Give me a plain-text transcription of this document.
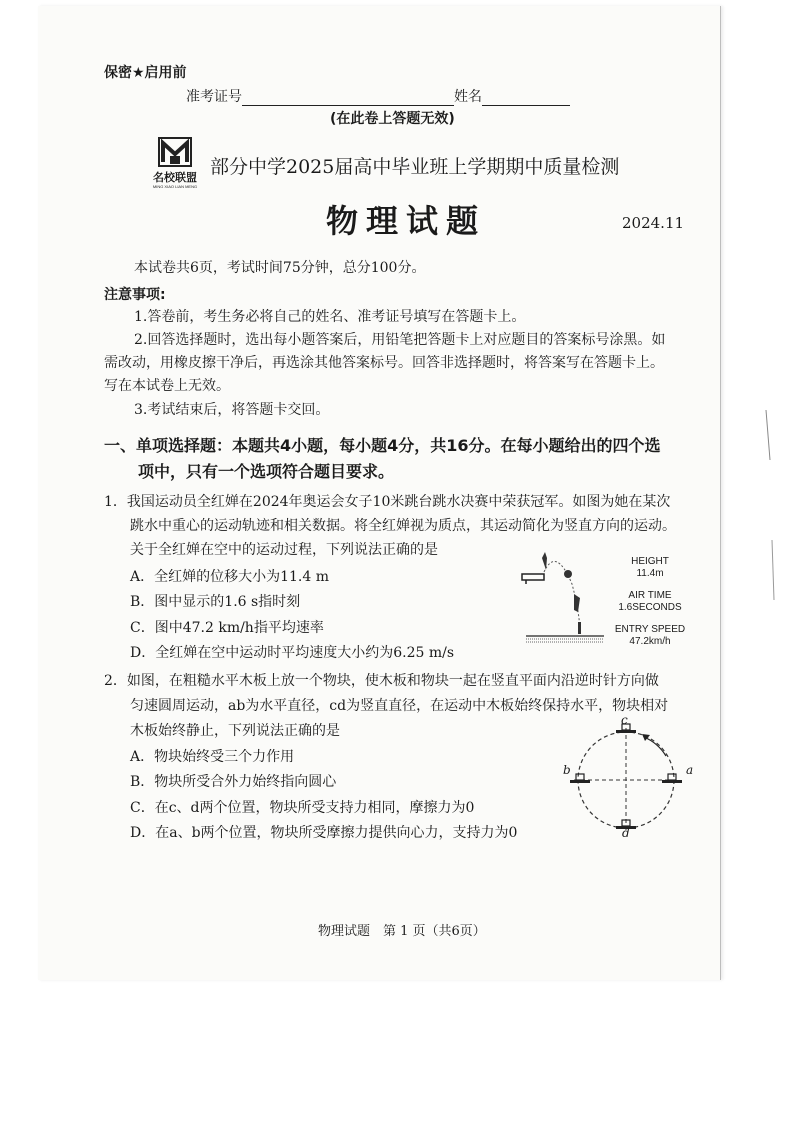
保密★启用前
准考证号	姓名
(在此卷上答题无效)
名校联盟
MING XIAO LIAN MENG
部分中学2025届高中毕业班上学期期中质量检测
物理试题	2024.11
本试卷共6页，考试时间75分钟，总分100分。
注意事项:
1.答卷前，考生务必将自己的姓名、准考证号填写在答题卡上。
2.回答选择题时，选出每小题答案后，用铅笔把答题卡上对应题目的答案标号涂黑。如
需改动，用橡皮擦干净后，再选涂其他答案标号。回答非选择题时，将答案写在答题卡上。
写在本试卷上无效。
3.考试结束后，将答题卡交回。
一、单项选择题：本题共4小题，每小题4分，共16分。在每小题给出的四个选
项中，只有一个选项符合题目要求。
1．我国运动员全红婵在2024年奥运会女子10米跳台跳水决赛中荣获冠军。如图为她在某次
跳水中重心的运动轨迹和相关数据。将全红婵视为质点，其运动简化为竖直方向的运动。
关于全红婵在空中的运动过程，下列说法正确的是
A．全红婵的位移大小为11.4 m
B．图中显示的1.6 s指时刻
C．图中47.2 km/h指平均速率
D．全红婵在空中运动时平均速度大小约为6.25 m/s
HEIGHT
11.4m
AIR TIME
1.6SECONDS
ENTRY SPEED
47.2km/h
2．如图，在粗糙水平木板上放一个物块，使木板和物块一起在竖直平面内沿逆时针方向做
匀速圆周运动，ab为水平直径，cd为竖直直径，在运动中木板始终保持水平，物块相对
木板始终静止，下列说法正确的是
A．物块始终受三个力作用
B．物块所受合外力始终指向圆心
C．在c、d两个位置，物块所受支持力相同，摩擦力为0
D．在a、b两个位置，物块所受摩擦力提供向心力，支持力为0
c
d
b	a
物理试题　第 1 页（共6页）
